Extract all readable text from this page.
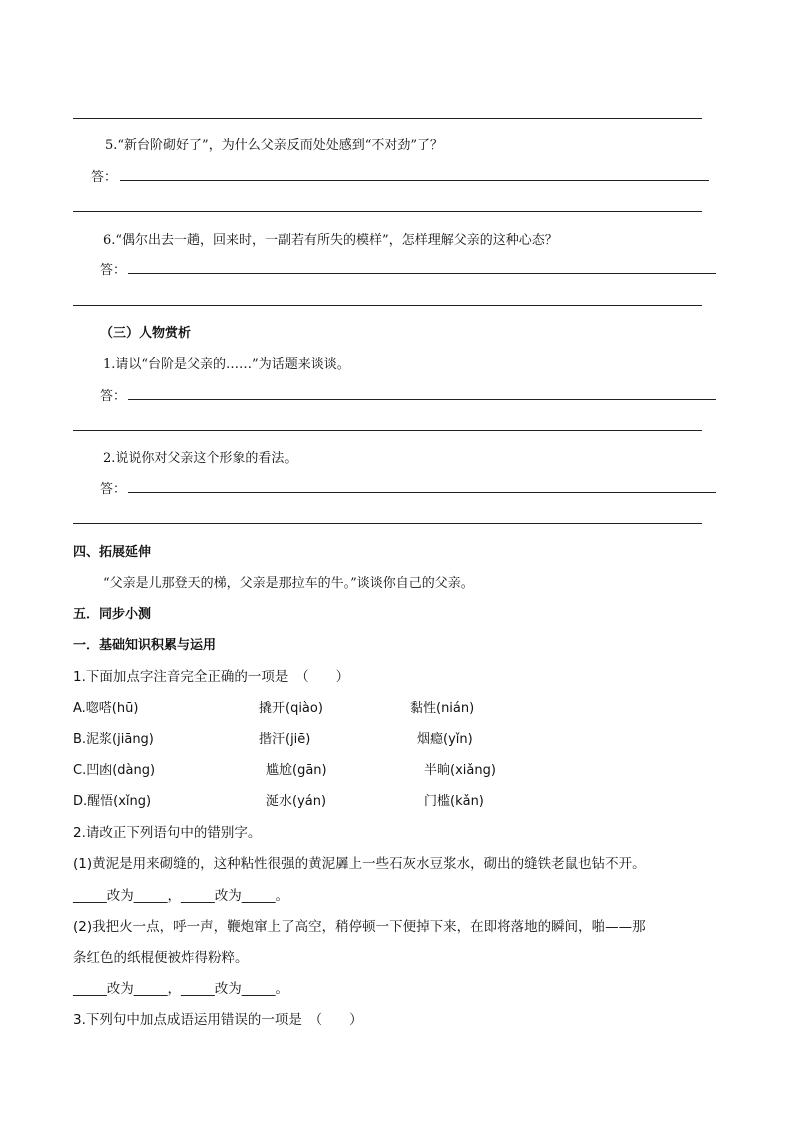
5.“新台阶砌好了”，为什么父亲反而处处感到“不对劲”了？
答：
6.“偶尔出去一趟，回来时，一副若有所失的模样”，怎样理解父亲的这种心态？
答：
（三）人物赏析
1.请以“台阶是父亲的……”为话题来谈谈。
答：
2.说说你对父亲这个形象的看法。
答：
四、拓展延伸
“父亲是儿那登天的梯，父亲是那拉车的牛。”谈谈你自己的父亲。
五．同步小测
一．基础知识积累与运用
1.下面加点字注音完全正确的一项是　（　　）
A.唿嗒(hū)	撬开(qiào)	黏性(nián)
B.泥浆(jiāng)	揩汗(jiē)	烟瘾(yǐn)
C.凹凼(dàng)	尴尬(gān)	半晌(xiǎng)
D.醒悟(xǐng)	涎水(yán)	门槛(kǎn)
2.请改正下列语句中的错别字。
(1)黄泥是用来砌缝的，这种粘性很强的黄泥羼上一些石灰水豆浆水，砌出的缝铁老鼠也钻不开。
_____改为_____，_____改为_____。
(2)我把火一点，呼一声，鞭炮窜上了高空，稍停顿一下便掉下来，在即将落地的瞬间，啪——那
条红色的纸棍便被炸得粉粹。
_____改为_____，_____改为_____。
3.下列句中加点成语运用错误的一项是　（　　）
